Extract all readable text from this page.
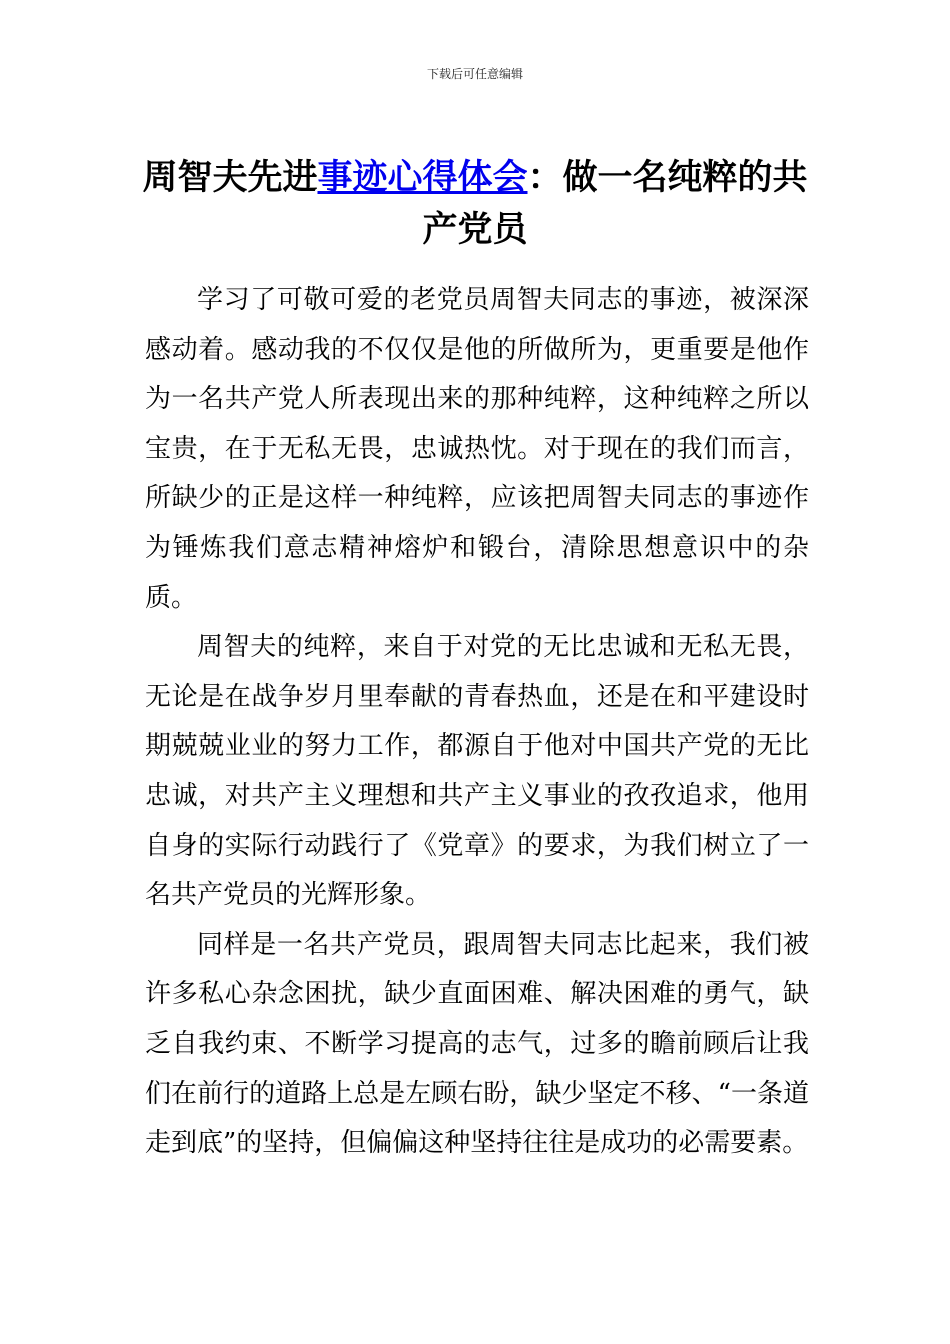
下载后可任意编辑
周智夫先进事迹心得体会：做一名纯粹的共产党员

学习了可敬可爱的老党员周智夫同志的事迹，被深深感动着。感动我的不仅仅是他的所做所为，更重要是他作为一名共产党人所表现出来的那种纯粹，这种纯粹之所以宝贵，在于无私无畏，忠诚热忱。对于现在的我们而言，所缺少的正是这样一种纯粹，应该把周智夫同志的事迹作为锤炼我们意志精神熔炉和锻台，清除思想意识中的杂质。

周智夫的纯粹，来自于对党的无比忠诚和无私无畏，无论是在战争岁月里奉献的青春热血，还是在和平建设时期兢兢业业的努力工作，都源自于他对中国共产党的无比忠诚，对共产主义理想和共产主义事业的孜孜追求，他用自身的实际行动践行了《党章》的要求，为我们树立了一名共产党员的光辉形象。

同样是一名共产党员，跟周智夫同志比起来，我们被许多私心杂念困扰，缺少直面困难、解决困难的勇气，缺乏自我约束、不断学习提高的志气，过多的瞻前顾后让我们在前行的道路上总是左顾右盼，缺少坚定不移、“一条道走到底”的坚持，但偏偏这种坚持往往是成功的必需要素。
